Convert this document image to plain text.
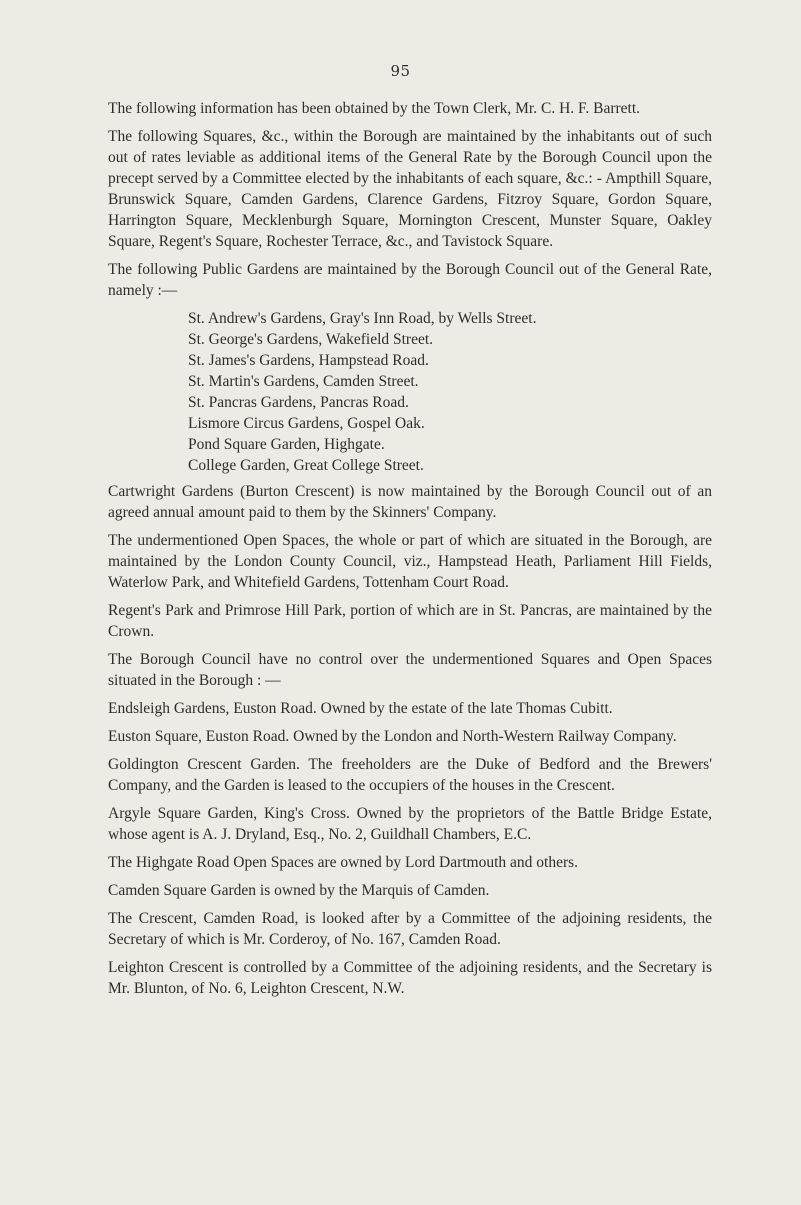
95

The following information has been obtained by the Town Clerk, Mr. C. H. F. Barrett.

The following Squares, &c., within the Borough are maintained by the inhabitants out of such out of rates leviable as additional items of the General Rate by the Borough Council upon the precept served by a Committee elected by the inhabitants of each square, &c.: - Ampthill Square, Brunswick Square, Camden Gardens, Clarence Gardens, Fitzroy Square, Gordon Square, Harrington Square, Mecklenburgh Square, Mornington Crescent, Munster Square, Oakley Square, Regent's Square, Rochester Terrace, &c., and Tavistock Square.

The following Public Gardens are maintained by the Borough Council out of the General Rate, namely :—

St. Andrew's Gardens, Gray's Inn Road, by Wells Street.
St. George's Gardens, Wakefield Street.
St. James's Gardens, Hampstead Road.
St. Martin's Gardens, Camden Street.
St. Pancras Gardens, Pancras Road.
Lismore Circus Gardens, Gospel Oak.
Pond Square Garden, Highgate.
College Garden, Great College Street.

Cartwright Gardens (Burton Crescent) is now maintained by the Borough Council out of an agreed annual amount paid to them by the Skinners' Company.

The undermentioned Open Spaces, the whole or part of which are situated in the Borough, are maintained by the London County Council, viz., Hampstead Heath, Parliament Hill Fields, Waterlow Park, and Whitefield Gardens, Tottenham Court Road.

Regent's Park and Primrose Hill Park, portion of which are in St. Pancras, are maintained by the Crown.

The Borough Council have no control over the undermentioned Squares and Open Spaces situated in the Borough : —

Endsleigh Gardens, Euston Road. Owned by the estate of the late Thomas Cubitt.

Euston Square, Euston Road. Owned by the London and North-Western Railway Company.

Goldington Crescent Garden. The freeholders are the Duke of Bedford and the Brewers' Company, and the Garden is leased to the occupiers of the houses in the Crescent.

Argyle Square Garden, King's Cross. Owned by the proprietors of the Battle Bridge Estate, whose agent is A. J. Dryland, Esq., No. 2, Guildhall Chambers, E.C.

The Highgate Road Open Spaces are owned by Lord Dartmouth and others.

Camden Square Garden is owned by the Marquis of Camden.

The Crescent, Camden Road, is looked after by a Committee of the adjoining residents, the Secretary of which is Mr. Corderoy, of No. 167, Camden Road.

Leighton Crescent is controlled by a Committee of the adjoining residents, and the Secretary is Mr. Blunton, of No. 6, Leighton Crescent, N.W.
